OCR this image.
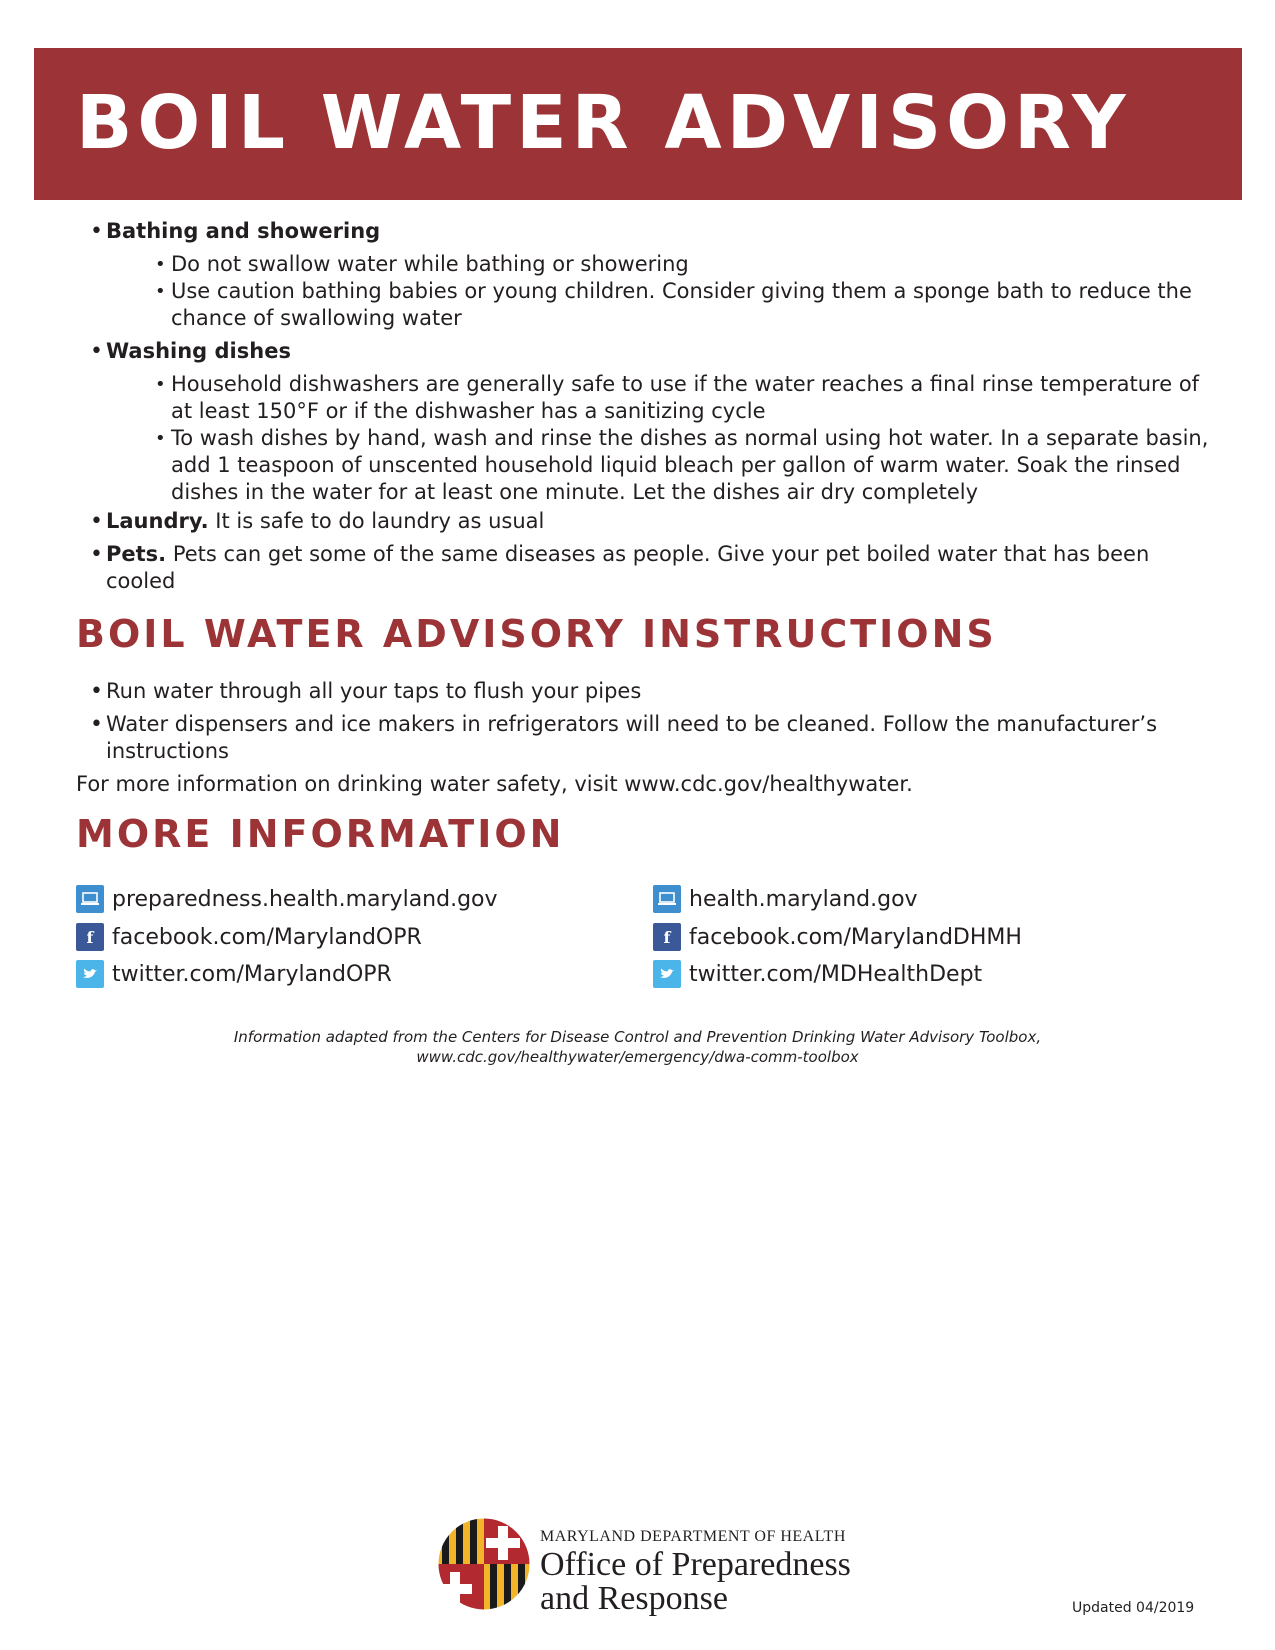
BOIL WATER ADVISORY
• Bathing and showering
• Do not swallow water while bathing or showering
• Use caution bathing babies or young children. Consider giving them a sponge bath to reduce the chance of swallowing water
• Washing dishes
• Household dishwashers are generally safe to use if the water reaches a final rinse temperature of at least 150°F or if the dishwasher has a sanitizing cycle
• To wash dishes by hand, wash and rinse the dishes as normal using hot water. In a separate basin, add 1 teaspoon of unscented household liquid bleach per gallon of warm water. Soak the rinsed dishes in the water for at least one minute. Let the dishes air dry completely
• Laundry. It is safe to do laundry as usual
• Pets. Pets can get some of the same diseases as people. Give your pet boiled water that has been cooled
BOIL WATER ADVISORY INSTRUCTIONS
• Run water through all your taps to flush your pipes
• Water dispensers and ice makers in refrigerators will need to be cleaned. Follow the manufacturer’s instructions

For more information on drinking water safety, visit www.cdc.gov/healthywater.

MORE INFORMATION
preparedness.health.maryland.gov
f facebook.com/MarylandOPR
twitter.com/MarylandOPR
health.maryland.gov
f facebook.com/MarylandDHMH
twitter.com/MDHealthDept
Information adapted from the Centers for Disease Control and Prevention Drinking Water Advisory Toolbox,
www.cdc.gov/healthywater/emergency/dwa-comm-toolbox
MARYLAND DEPARTMENT OF HEALTH
Office of Preparedness
and Response	Updated 04/2019
